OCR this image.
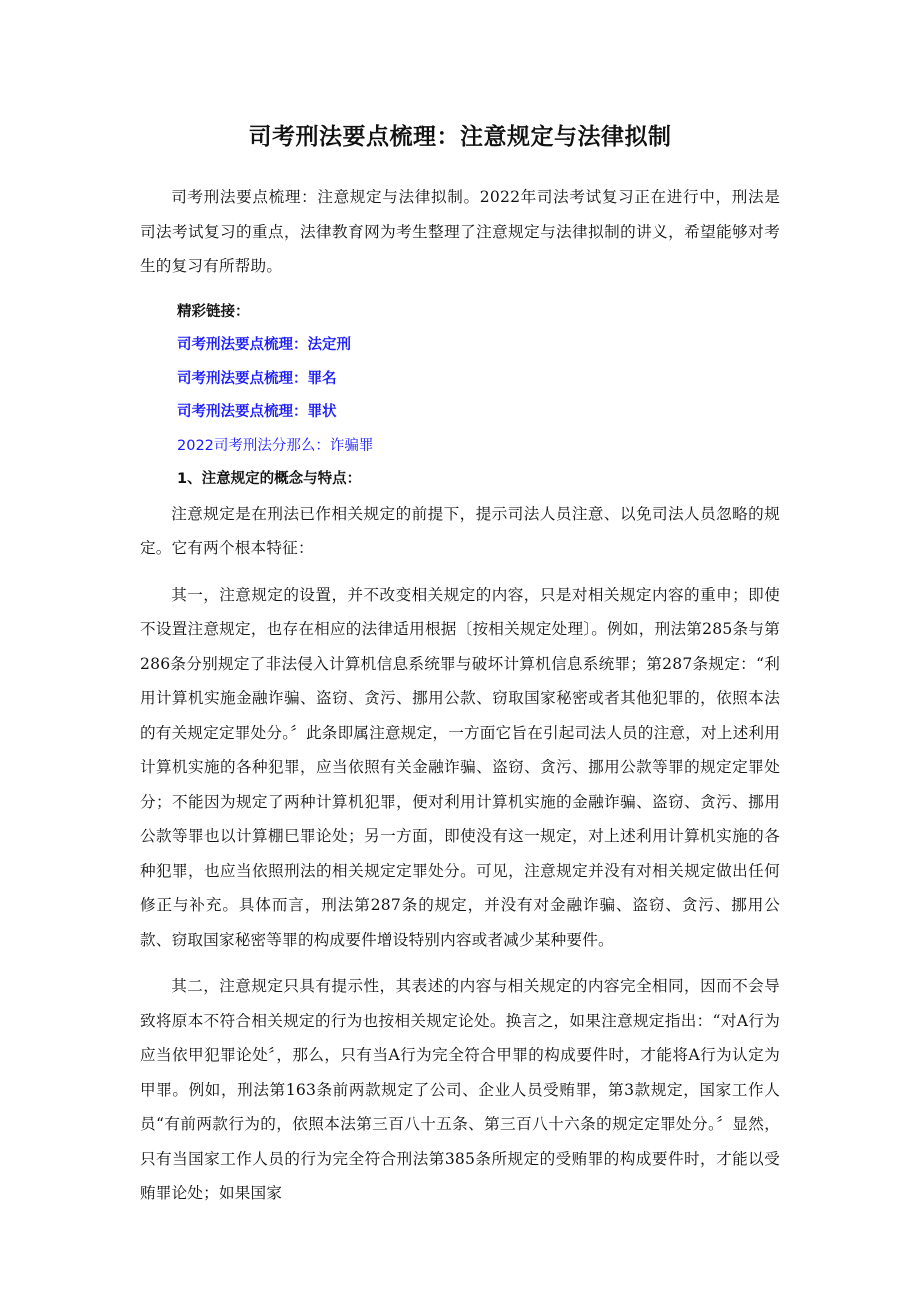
司考刑法要点梳理：注意规定与法律拟制

司考刑法要点梳理：注意规定与法律拟制。2022年司法考试复习正在进行中，刑法是司法考试复习的重点，法律教育网为考生整理了注意规定与法律拟制的讲义，希望能够对考生的复习有所帮助。

精彩链接：
司考刑法要点梳理：法定刑
司考刑法要点梳理：罪名
司考刑法要点梳理：罪状
2022司考刑法分那么：诈骗罪
1、注意规定的概念与特点：

注意规定是在刑法已作相关规定的前提下，提示司法人员注意、以免司法人员忽略的规定。它有两个根本特征：

其一，注意规定的设置，并不改变相关规定的内容，只是对相关规定内容的重申；即使不设置注意规定，也存在相应的法律适用根据〔按相关规定处理〕。例如，刑法第285条与第286条分别规定了非法侵入计算机信息系统罪与破坏计算机信息系统罪；第287条规定：“利用计算机实施金融诈骗、盗窃、贪污、挪用公款、窃取国家秘密或者其他犯罪的，依照本法的有关规定定罪处分。〞此条即属注意规定，一方面它旨在引起司法人员的注意，对上述利用计算机实施的各种犯罪，应当依照有关金融诈骗、盗窃、贪污、挪用公款等罪的规定定罪处分；不能因为规定了两种计算机犯罪，便对利用计算机实施的金融诈骗、盗窃、贪污、挪用公款等罪也以计算棚巳罪论处；另一方面，即使没有这一规定，对上述利用计算机实施的各种犯罪，也应当依照刑法的相关规定定罪处分。可见，注意规定并没有对相关规定做出任何修正与补充。具体而言，刑法第287条的规定，并没有对金融诈骗、盗窃、贪污、挪用公款、窃取国家秘密等罪的构成要件增设特别内容或者减少某种要件。

其二，注意规定只具有提示性，其表述的内容与相关规定的内容完全相同，因而不会导致将原本不符合相关规定的行为也按相关规定论处。换言之，如果注意规定指出：“对A行为应当依甲犯罪论处〞，那么，只有当A行为完全符合甲罪的构成要件时，才能将A行为认定为甲罪。例如，刑法第163条前两款规定了公司、企业人员受贿罪，第3款规定，国家工作人员“有前两款行为的，依照本法第三百八十五条、第三百八十六条的规定定罪处分。〞显然，只有当国家工作人员的行为完全符合刑法第385条所规定的受贿罪的构成要件时，才能以受贿罪论处；如果国家
